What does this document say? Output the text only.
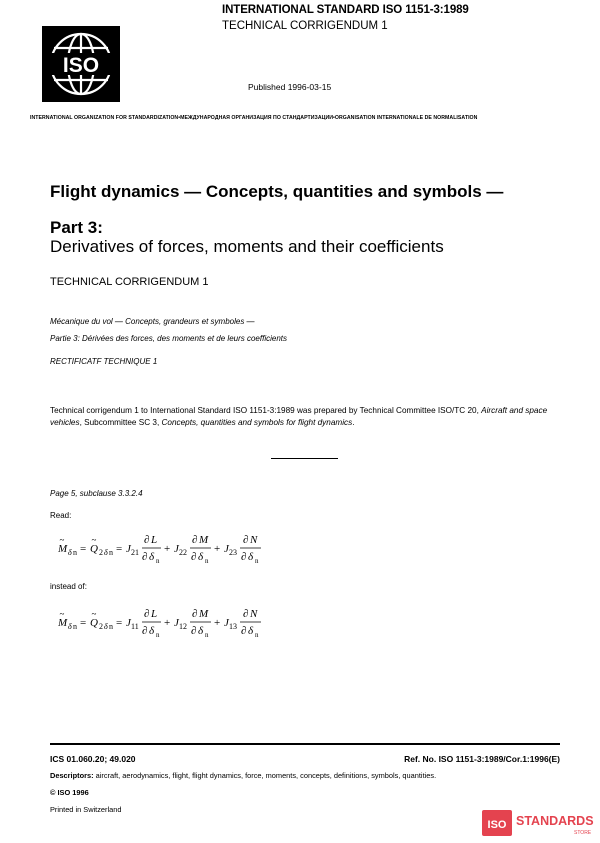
ISO
INTERNATIONAL STANDARD ISO 1151-3:1989
TECHNICAL CORRIGENDUM 1
Published 1996-03-15
INTERNATIONAL ORGANIZATION FOR STANDARDIZATION•МЕЖДУНАРОДНАЯ ОРГАНИЗАЦИЯ ПО СТАНДАРТИЗАЦИИ•ORGANISATION INTERNATIONALE DE NORMALISATION
Flight dynamics — Concepts, quantities and symbols —
Part 3:
Derivatives of forces, moments and their coefficients
TECHNICAL CORRIGENDUM 1
Mécanique du vol — Concepts, grandeurs et symboles —
Partie 3: Dérivées des forces, des moments et de leurs coefficients
RECTIFICATF TECHNIQUE 1
Technical corrigendum 1 to International Standard ISO 1151-3:1989 was prepared by Technical Committee ISO/TC 20, Aircraft and space vehicles, Subcommittee SC 3, Concepts, quantities and symbols for flight dynamics.
Page 5, subclause 3.3.2.4
Read:
M
~
δ n = Q
~
2 δ n = J 21
∂ L
∂ δ n
+ J 22
∂ M
∂ δ n
+ J 23
∂ N
∂ δ n
instead of:
M
~
δ n = Q
~
2 δ n = J 11
∂ L
∂ δ n
+ J 12
∂ M
∂ δ n
+ J 13
∂ N
∂ δ n
ICS 01.060.20; 49.020	Ref. No. ISO 1151-3:1989/Cor.1:1996(E)
Descriptors: aircraft, aerodynamics, flight, flight dynamics, force, moments, concepts, definitions, symbols, quantities.
© ISO 1996
Printed in Switzerland
ISO STANDARDS
STORE
